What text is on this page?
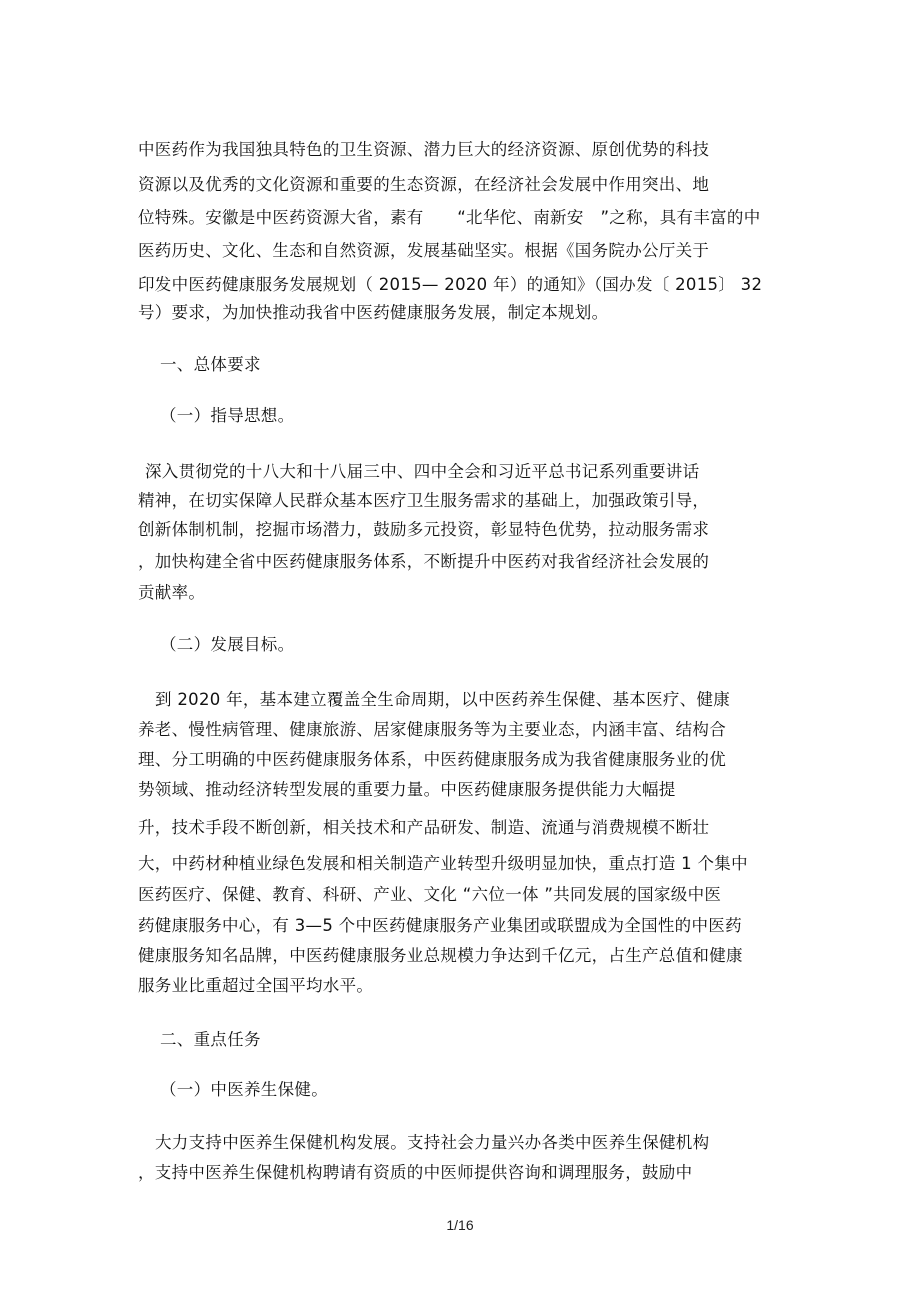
中医药作为我国独具特色的卫生资源、潜力巨大的经济资源、原创优势的科技
资源以及优秀的文化资源和重要的生态资源，在经济社会发展中作用突出、地
位特殊。安徽是中医药资源大省，素有　　“北华佗、南新安　”之称，具有丰富的中
医药历史、文化、生态和自然资源，发展基础坚实。根据《国务院办公厅关于
印发中医药健康服务发展规划（ 2015— 2020 年）的通知》（国办发〔 2015〕 32
号）要求，为加快推动我省中医药健康服务发展，制定本规划。
一、总体要求
（一）指导思想。
深入贯彻党的十八大和十八届三中、四中全会和习近平总书记系列重要讲话
精神，在切实保障人民群众基本医疗卫生服务需求的基础上，加强政策引导，
创新体制机制，挖掘市场潜力，鼓励多元投资，彰显特色优势，拉动服务需求
，加快构建全省中医药健康服务体系，不断提升中医药对我省经济社会发展的
贡献率。
（二）发展目标。
到 2020 年，基本建立覆盖全生命周期，以中医药养生保健、基本医疗、健康
养老、慢性病管理、健康旅游、居家健康服务等为主要业态，内涵丰富、结构合
理、分工明确的中医药健康服务体系，中医药健康服务成为我省健康服务业的优
势领域、推动经济转型发展的重要力量。中医药健康服务提供能力大幅提
升，技术手段不断创新，相关技术和产品研发、制造、流通与消费规模不断壮
大，中药材种植业绿色发展和相关制造产业转型升级明显加快，重点打造 1 个集中
医药医疗、保健、教育、科研、产业、文化 “六位一体 ”共同发展的国家级中医
药健康服务中心，有 3—5 个中医药健康服务产业集团或联盟成为全国性的中医药
健康服务知名品牌，中医药健康服务业总规模力争达到千亿元，占生产总值和健康
服务业比重超过全国平均水平。
二、重点任务
（一）中医养生保健。
大力支持中医养生保健机构发展。支持社会力量兴办各类中医养生保健机构
，支持中医养生保健机构聘请有资质的中医师提供咨询和调理服务，鼓励中
1/16
